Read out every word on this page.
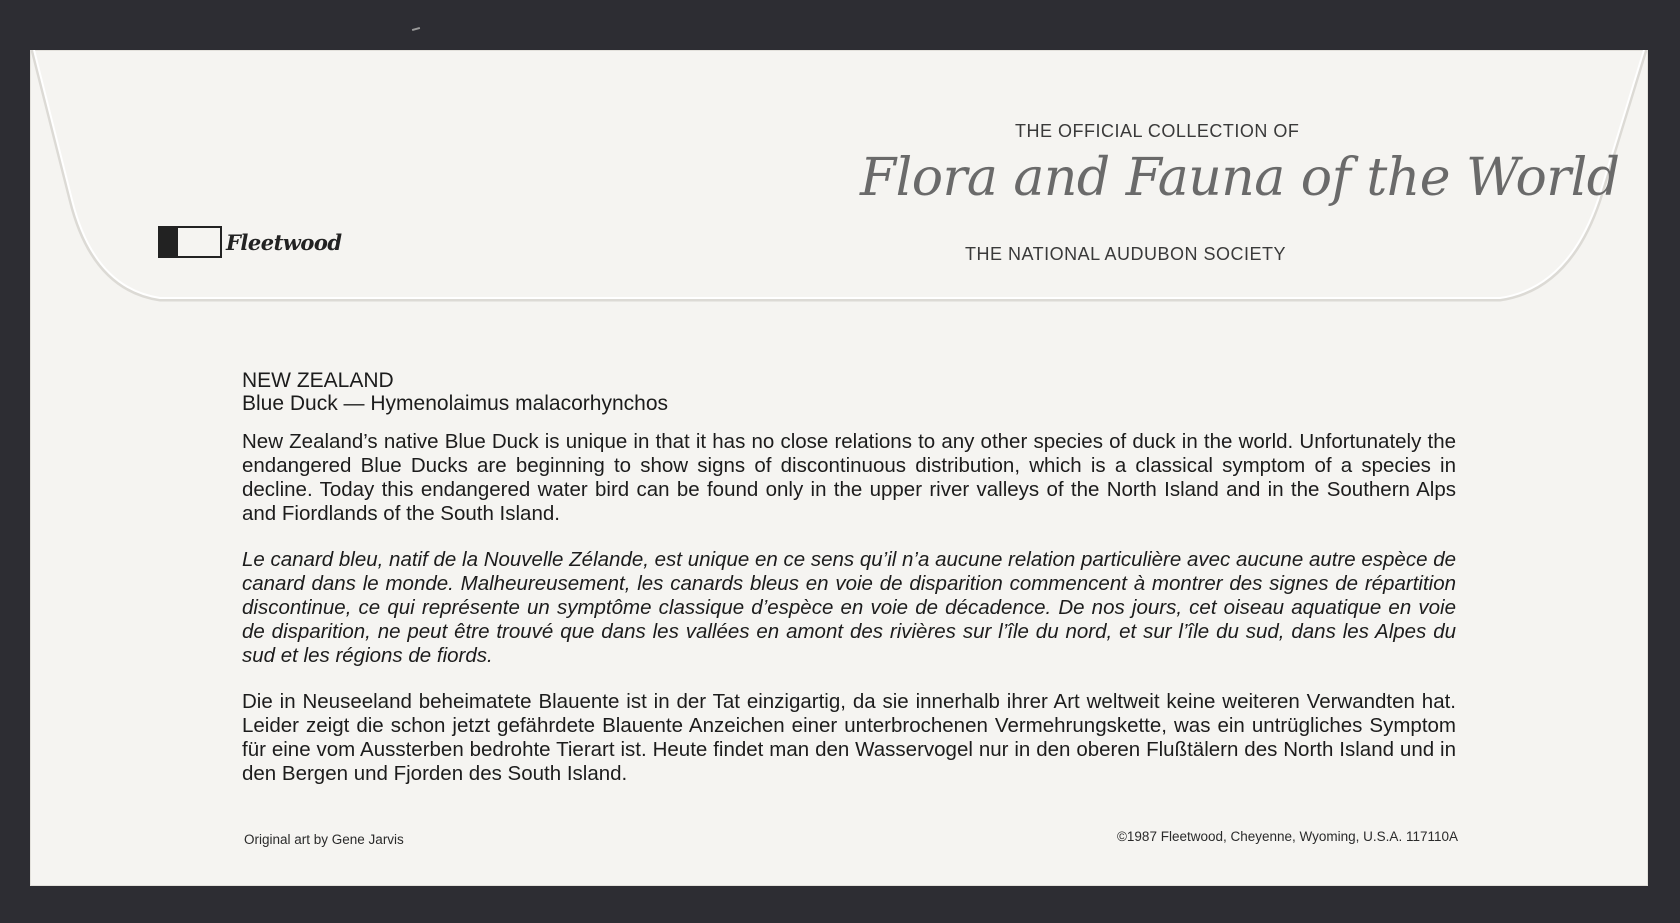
THE OFFICIAL COLLECTION OF
Flora and Fauna of the World
THE NATIONAL AUDUBON SOCIETY
Fleetwood

NEW ZEALAND

Blue Duck — Hymenolaimus malacorhynchos

New Zealand’s native Blue Duck is unique in that it has no close relations to any other species of duck in the world. Unfortunately the endangered Blue Ducks are beginning to show signs of discontinuous distribution, which is a classical symptom of a species in decline. Today this endangered water bird can be found only in the upper river valleys of the North Island and in the Southern Alps and Fiordlands of the South Island.

Le canard bleu, natif de la Nouvelle Zélande, est unique en ce sens qu’il n’a aucune relation particulière avec aucune autre espèce de canard dans le monde. Malheureusement, les canards bleus en voie de disparition commencent à montrer des signes de répartition discontinue, ce qui représente un symptôme classique d’espèce en voie de décadence. De nos jours, cet oiseau aquatique en voie de disparition, ne peut être trouvé que dans les vallées en amont des rivières sur l’île du nord, et sur l’île du sud, dans les Alpes du sud et les régions de fiords.

Die in Neuseeland beheimatete Blauente ist in der Tat einzigartig, da sie innerhalb ihrer Art weltweit keine weiteren Verwandten hat. Leider zeigt die schon jetzt gefährdete Blauente Anzeichen einer unterbrochenen Vermehrungskette, was ein untrügliches Symptom für eine vom Aussterben bedrohte Tierart ist. Heute findet man den Wasservogel nur in den oberen Flußtälern des North Island und in den Bergen und Fjorden des South Island.

Original art by Gene Jarvis	©1987 Fleetwood, Cheyenne, Wyoming, U.S.A. 117110A
